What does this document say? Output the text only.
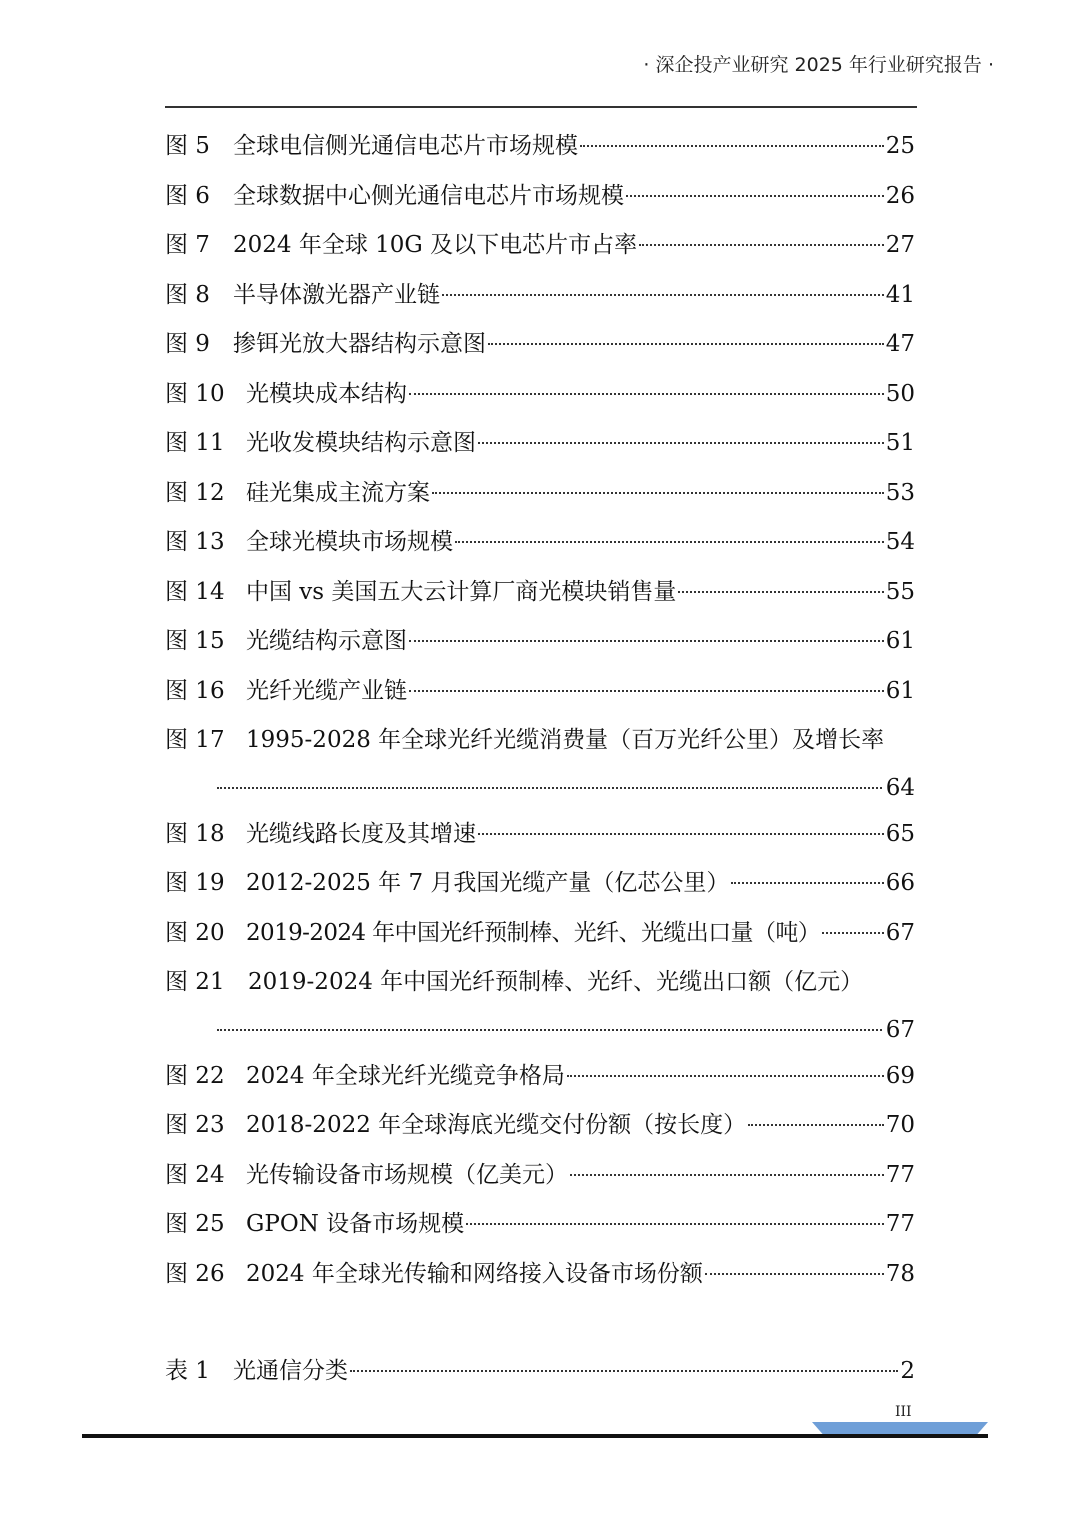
· 深企投产业研究 2025 年行业研究报告 ·
图 5	全球电信侧光通信电芯片市场规模	25
图 6	全球数据中心侧光通信电芯片市场规模	26
图 7	2024 年全球 10G 及以下电芯片市占率	27
图 8	半导体激光器产业链	41
图 9	掺铒光放大器结构示意图	47
图 10 光模块成本结构	50
图 11 光收发模块结构示意图	51
图 12 硅光集成主流方案	53
图 13 全球光模块市场规模	54
图 14 中国 vs 美国五大云计算厂商光模块销售量	55
图 15 光缆结构示意图	61
图 16 光纤光缆产业链	61
图 17 1995-2028 年全球光纤光缆消费量（百万光纤公里）及增长率
64
图 18 光缆线路长度及其增速	65
图 19 2012-2025 年 7 月我国光缆产量（亿芯公里）	66
图 20 2019-2024 年中国光纤预制棒、光纤、光缆出口量（吨）	67
图 21	2019-2024 年中国光纤预制棒、光纤、光缆出口额（亿元）
67
图 22 2024 年全球光纤光缆竞争格局	69
图 23 2018-2022 年全球海底光缆交付份额（按长度）	70
图 24 光传输设备市场规模（亿美元）	77
图 25 GPON 设备市场规模	77
图 26 2024 年全球光传输和网络接入设备市场份额	78
表 1	光通信分类	2
III
